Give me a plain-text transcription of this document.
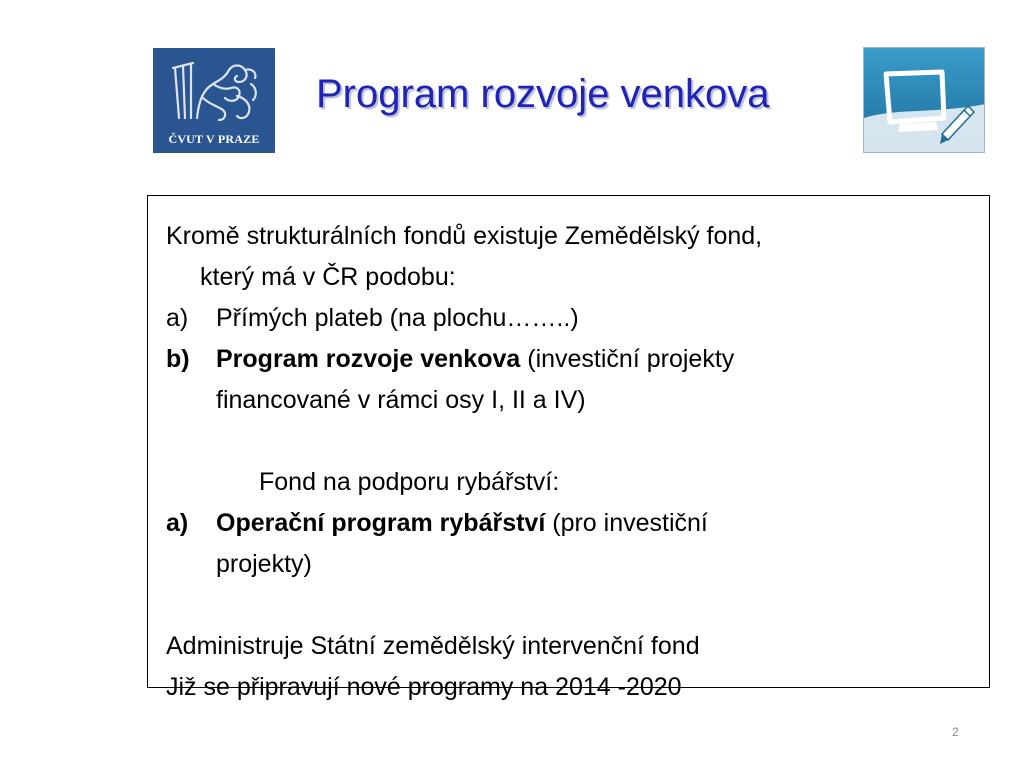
ČVUT V PRAZE
Program rozvoje venkova

Kromě strukturálních fondů existuje Zemědělský fond,

který má v ČR podobu:

a) Přímých plateb (na plochu……..)

b) Program rozvoje venkova (investiční projekty

financované v rámci osy I, II a IV)

Fond na podporu rybářství:

a) Operační program rybářství (pro investiční

projekty)

Administruje Státní zemědělský intervenční fond

Již se připravují nové programy na 2014 -2020

2
